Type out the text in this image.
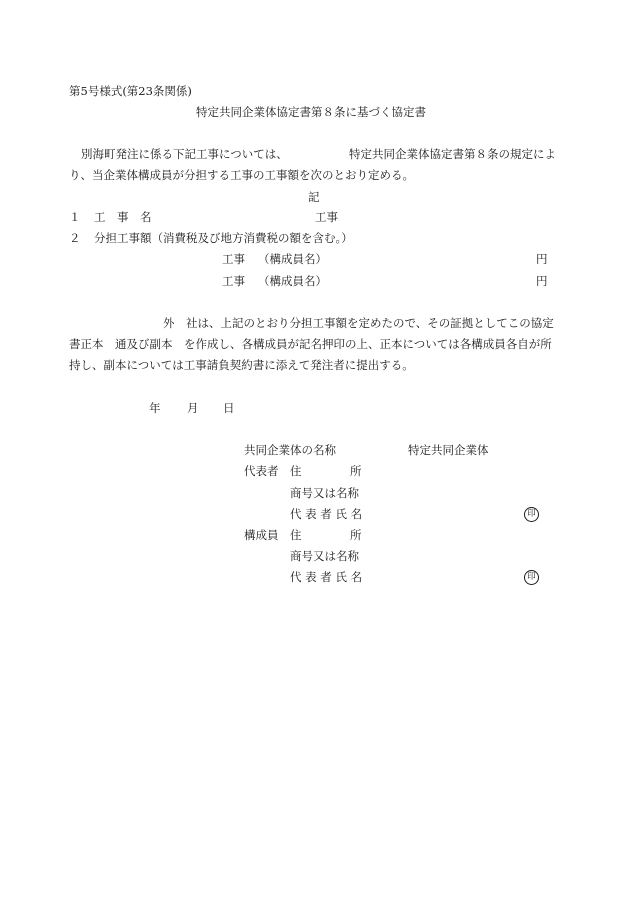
第5号様式(第23条関係)
特定共同企業体協定書第８条に基づく協定書
別海町発注に係る下記工事については、	特定共同企業体協定書第８条の規定によ
り、当企業体構成員が分担する工事の工事額を次のとおり定める。
記
１ 工　事　名	工事
２ 分担工事額（消費税及び地方消費税の額を含む。）
工事 （構成員名）	円
工事 （構成員名）	円
外　社は、上記のとおり分担工事額を定めたので、その証拠としてこの協定
書正本　通及び副本　を作成し、各構成員が記名押印の上、正本については各構成員各自が所
持し、副本については工事請負契約書に添えて発注者に提出する。
年 月 日
共同企業体の名称	特定共同企業体
代表者 住	所
商号又は名称
代 表 者 氏 名	印
構成員 住	所
商号又は名称
代 表 者 氏 名	印
